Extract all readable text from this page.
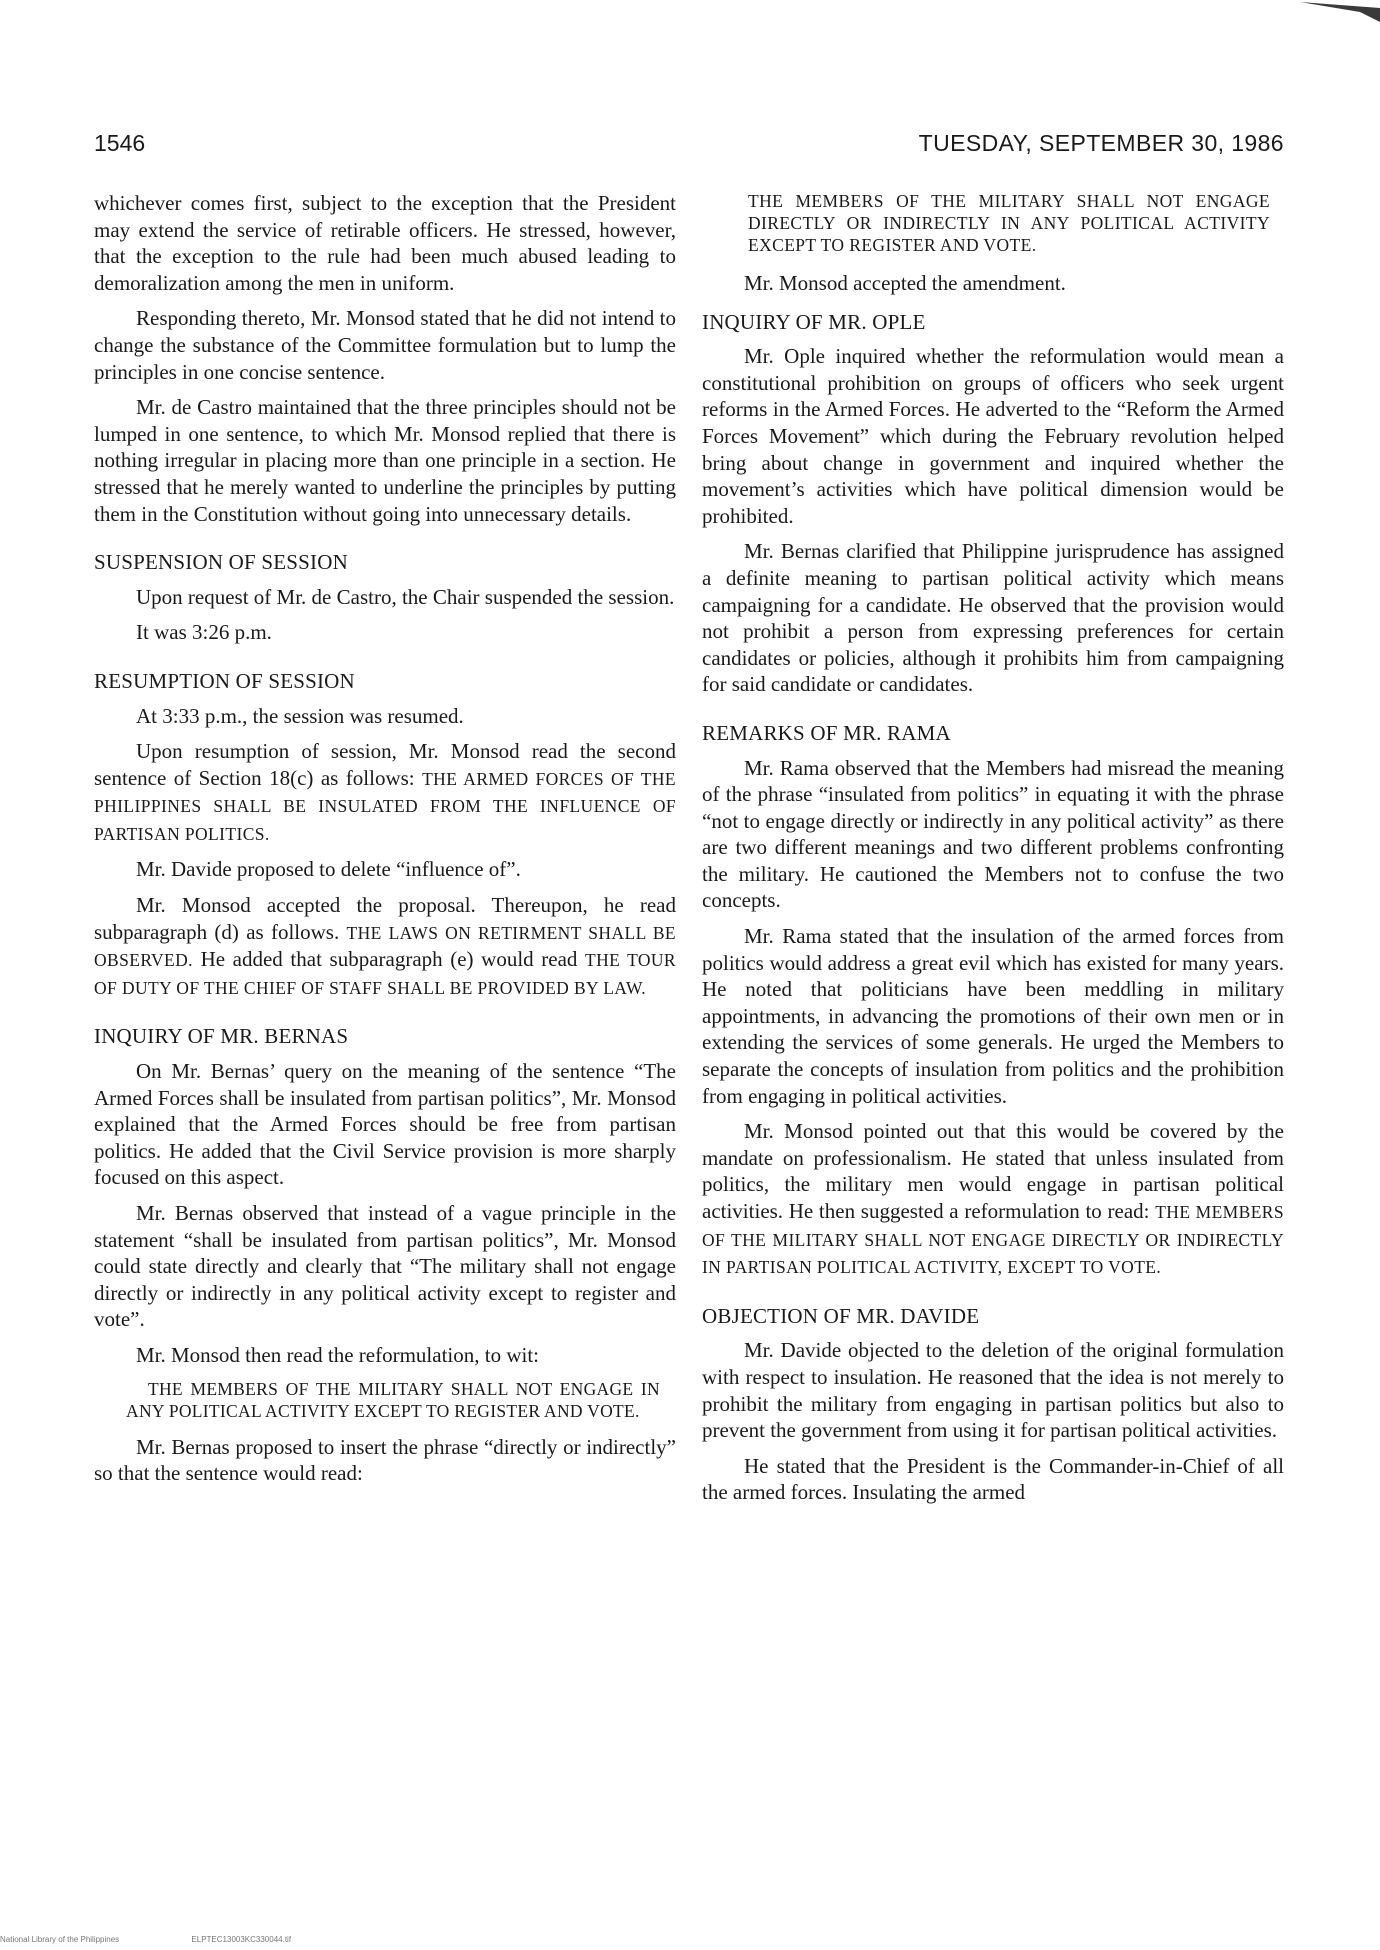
1546	TUESDAY, SEPTEMBER 30, 1986

whichever comes first, subject to the exception that the President may extend the service of retirable officers. He stressed, however, that the exception to the rule had been much abused leading to demoralization among the men in uniform.

Responding thereto, Mr. Monsod stated that he did not intend to change the substance of the Committee formulation but to lump the principles in one concise sentence.

Mr. de Castro maintained that the three principles should not be lumped in one sentence, to which Mr. Monsod replied that there is nothing irregular in placing more than one principle in a section. He stressed that he merely wanted to underline the principles by putting them in the Constitution without going into unnecessary details.

SUSPENSION OF SESSION

Upon request of Mr. de Castro, the Chair suspended the session.

It was 3:26 p.m.

RESUMPTION OF SESSION

At 3:33 p.m., the session was resumed.

Upon resumption of session, Mr. Monsod read the second sentence of Section 18(c) as follows: THE ARMED FORCES OF THE PHILIPPINES SHALL BE INSULATED FROM THE INFLUENCE OF PARTISAN POLITICS.

Mr. Davide proposed to delete “influence of”.

Mr. Monsod accepted the proposal. Thereupon, he read subparagraph (d) as follows. THE LAWS ON RETIRMENT SHALL BE OBSERVED. He added that subparagraph (e) would read THE TOUR OF DUTY OF THE CHIEF OF STAFF SHALL BE PROVIDED BY LAW.

INQUIRY OF MR. BERNAS

On Mr. Bernas’ query on the meaning of the sentence “The Armed Forces shall be insulated from partisan politics”, Mr. Monsod explained that the Armed Forces should be free from partisan politics. He added that the Civil Service provision is more sharply focused on this aspect.

Mr. Bernas observed that instead of a vague principle in the statement “shall be insulated from partisan politics”, Mr. Monsod could state directly and clearly that “The military shall not engage directly or indirectly in any political activity except to register and vote”.

Mr. Monsod then read the reformulation, to wit:

THE MEMBERS OF THE MILITARY SHALL NOT ENGAGE IN ANY POLITICAL ACTIVITY EXCEPT TO REGISTER AND VOTE.

Mr. Bernas proposed to insert the phrase “directly or indirectly” so that the sentence would read:

THE MEMBERS OF THE MILITARY SHALL NOT ENGAGE DIRECTLY OR INDIRECTLY IN ANY POLITICAL ACTIVITY EXCEPT TO REGISTER AND VOTE.

Mr. Monsod accepted the amendment.

INQUIRY OF MR. OPLE

Mr. Ople inquired whether the reformulation would mean a constitutional prohibition on groups of officers who seek urgent reforms in the Armed Forces. He adverted to the “Reform the Armed Forces Movement” which during the February revolution helped bring about change in government and inquired whether the movement’s activities which have political dimension would be prohibited.

Mr. Bernas clarified that Philippine jurisprudence has assigned a definite meaning to partisan political activity which means campaigning for a candidate. He observed that the provision would not prohibit a person from expressing preferences for certain candidates or policies, although it prohibits him from campaigning for said candidate or candidates.

REMARKS OF MR. RAMA

Mr. Rama observed that the Members had misread the meaning of the phrase “insulated from politics” in equating it with the phrase “not to engage directly or indirectly in any political activity” as there are two different meanings and two different problems confronting the military. He cautioned the Members not to confuse the two concepts.

Mr. Rama stated that the insulation of the armed forces from politics would address a great evil which has existed for many years. He noted that politicians have been meddling in military appointments, in advancing the promotions of their own men or in extending the services of some generals. He urged the Members to separate the concepts of insulation from politics and the prohibition from engaging in political activities.

Mr. Monsod pointed out that this would be covered by the mandate on professionalism. He stated that unless insulated from politics, the military men would engage in partisan political activities. He then suggested a reformulation to read: THE MEMBERS OF THE MILITARY SHALL NOT ENGAGE DIRECTLY OR INDIRECTLY IN PARTISAN POLITICAL ACTIVITY, EXCEPT TO VOTE.

OBJECTION OF MR. DAVIDE

Mr. Davide objected to the deletion of the original formulation with respect to insulation. He reasoned that the idea is not merely to prohibit the military from engaging in partisan politics but also to prevent the government from using it for partisan political activities.

He stated that the President is the Commander-in-Chief of all the armed forces. Insulating the armed

National Library of the Philippines	ELPTEC13003KC330044.tif
